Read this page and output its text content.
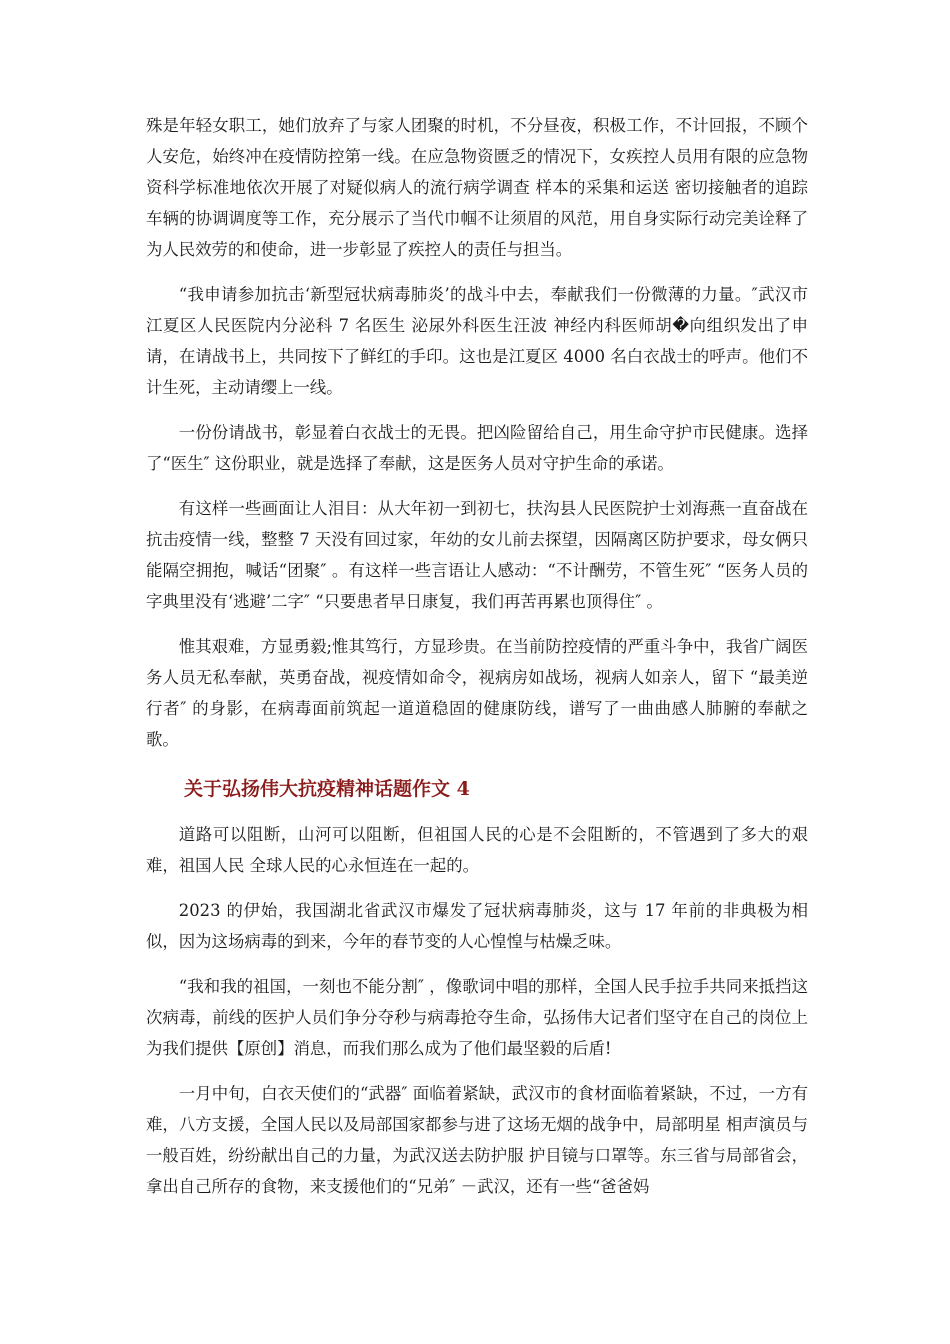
殊是年轻女职工，她们放弃了与家人团聚的时机，不分昼夜，积极工作，不计回报，不顾个人安危，始终冲在疫情防控第一线。在应急物资匮乏的情况下，女疾控人员用有限的应急物资科学标准地依次开展了对疑似病人的流行病学调查 样本的采集和运送 密切接触者的追踪 车辆的协调调度等工作，充分展示了当代巾帼不让须眉的风范，用自身实际行动完美诠释了为人民效劳的和使命，进一步彰显了疾控人的责任与担当。

“我申请参加抗击‘新型冠状病毒肺炎’的战斗中去，奉献我们一份微薄的力量。″武汉市江夏区人民医院内分泌科 7 名医生 泌尿外科医生汪波 神经内科医师胡�向组织发出了申请，在请战书上，共同按下了鲜红的手印。这也是江夏区 4000 名白衣战士的呼声。他们不计生死，主动请缨上一线。

一份份请战书，彰显着白衣战士的无畏。把凶险留给自己，用生命守护市民健康。选择了“医生″ 这份职业，就是选择了奉献，这是医务人员对守护生命的承诺。

有这样一些画面让人泪目：从大年初一到初七，扶沟县人民医院护士刘海燕一直奋战在抗击疫情一线，整整 7 天没有回过家，年幼的女儿前去探望，因隔离区防护要求，母女俩只能隔空拥抱，喊话“团聚″ 。有这样一些言语让人感动：“不计酬劳，不管生死″ “医务人员的字典里没有‘逃避’二字″ “只要患者早日康复，我们再苦再累也顶得住″ 。

惟其艰难，方显勇毅;惟其笃行，方显珍贵。在当前防控疫情的严重斗争中，我省广阔医务人员无私奉献，英勇奋战，视疫情如命令，视病房如战场，视病人如亲人，留下 “最美逆行者″ 的身影，在病毒面前筑起一道道稳固的健康防线，谱写了一曲曲感人肺腑的奉献之歌。

关于弘扬伟大抗疫精神话题作文 4

道路可以阻断，山河可以阻断，但祖国人民的心是不会阻断的，不管遇到了多大的艰难，祖国人民 全球人民的心永恒连在一起的。

2023 的伊始，我国湖北省武汉市爆发了冠状病毒肺炎，这与 17 年前的非典极为相似，因为这场病毒的到来，今年的春节变的人心惶惶与枯燥乏味。

“我和我的祖国，一刻也不能分割″ ，像歌词中唱的那样，全国人民手拉手共同来抵挡这次病毒，前线的医护人员们争分夺秒与病毒抢夺生命，弘扬伟大记者们坚守在自己的岗位上为我们提供【原创】消息，而我们那么成为了他们最坚毅的后盾!

一月中旬，白衣天使们的“武器″ 面临着紧缺，武汉市的食材面临着紧缺，不过，一方有难，八方支援，全国人民以及局部国家都参与进了这场无烟的战争中，局部明星 相声演员与一般百姓，纷纷献出自己的力量，为武汉送去防护服 护目镜与口罩等。东三省与局部省会，拿出自己所存的食物，来支援他们的“兄弟″ －武汉，还有一些“爸爸妈
